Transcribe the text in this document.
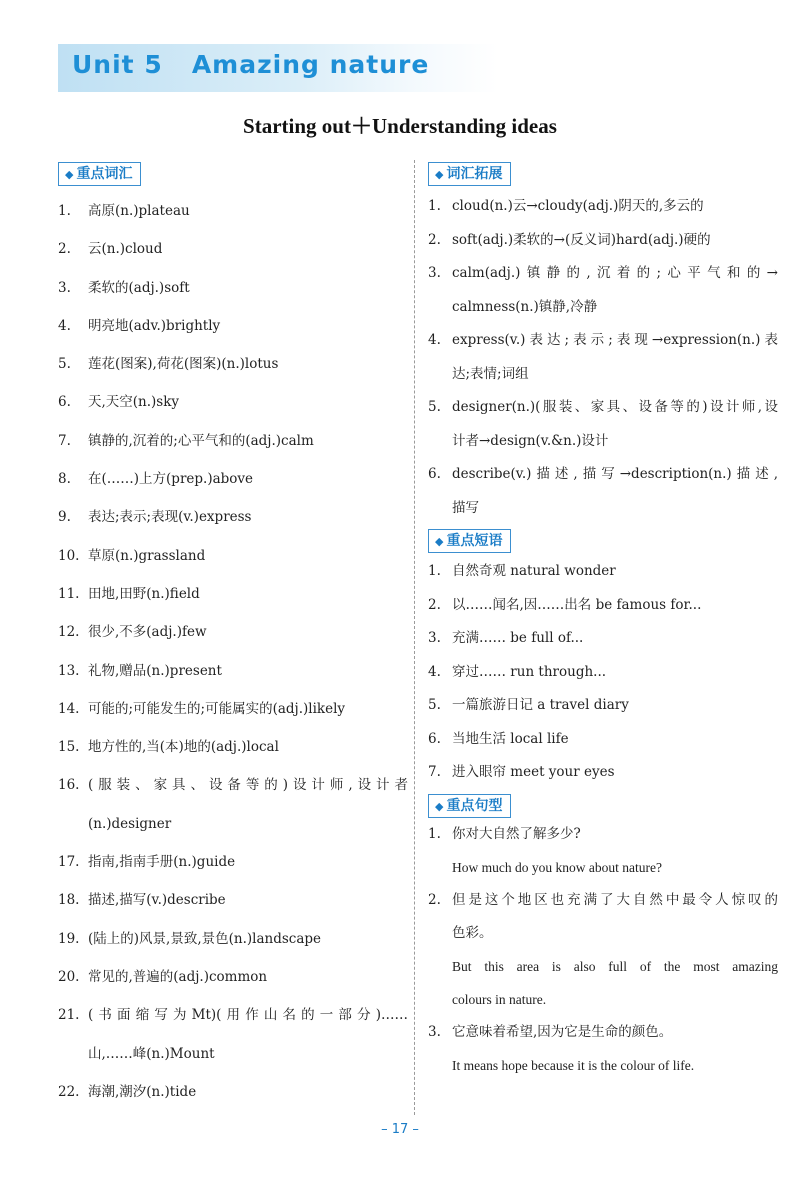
Unit 5   Amazing nature
Starting out＋Understanding ideas
◆ 重点词汇
1. 高原(n.)plateau
2. 云(n.)cloud
3. 柔软的(adj.)soft
4. 明亮地(adv.)brightly
5. 莲花(图案),荷花(图案)(n.)lotus
6. 天,天空(n.)sky
7. 镇静的,沉着的;心平气和的(adj.)calm
8. 在(……)上方(prep.)above
9. 表达;表示;表现(v.)express
10. 草原(n.)grassland
11. 田地,田野(n.)field
12. 很少,不多(adj.)few
13. 礼物,赠品(n.)present
14. 可能的;可能发生的;可能属实的(adj.)likely
15. 地方性的,当(本)地的(adj.)local
16. (服装、家具、设备等的)设计师,设计者
(n.)designer
17. 指南,指南手册(n.)guide
18. 描述,描写(v.)describe
19. (陆上的)风景,景致,景色(n.)landscape
20. 常见的,普遍的(adj.)common
21. (书面缩写为Mt)(用作山名的一部分)……
山,……峰(n.)Mount
22. 海潮,潮汐(n.)tide
◆ 词汇拓展
1. cloud(n.)云→cloudy(adj.)阴天的,多云的
2. soft(adj.)柔软的→(反义词)hard(adj.)硬的
3. calm(adj.)镇静的,沉着的;心平气和的→
calmness(n.)镇静,冷静
4. express(v.)表达;表示;表现→expression(n.)表
达;表情;词组
5. designer(n.)(服装、家具、设备等的)设计师,设
计者→design(v.&n.)设计
6. describe(v.)描述,描写→description(n.)描述,
描写
◆ 重点短语
1. 自然奇观 natural wonder
2. 以……闻名,因……出名 be famous for...
3. 充满…… be full of...
4. 穿过…… run through...
5. 一篇旅游日记 a travel diary
6. 当地生活 local life
7. 进入眼帘 meet your eyes
◆ 重点句型
1. 你对大自然了解多少?
How much do you know about nature?
2. 但是这个地区也充满了大自然中最令人惊叹的
色彩。
But this area is also full of the most amazing
colours in nature.
3. 它意味着希望,因为它是生命的颜色。
It means hope because it is the colour of life.
– 17 –
